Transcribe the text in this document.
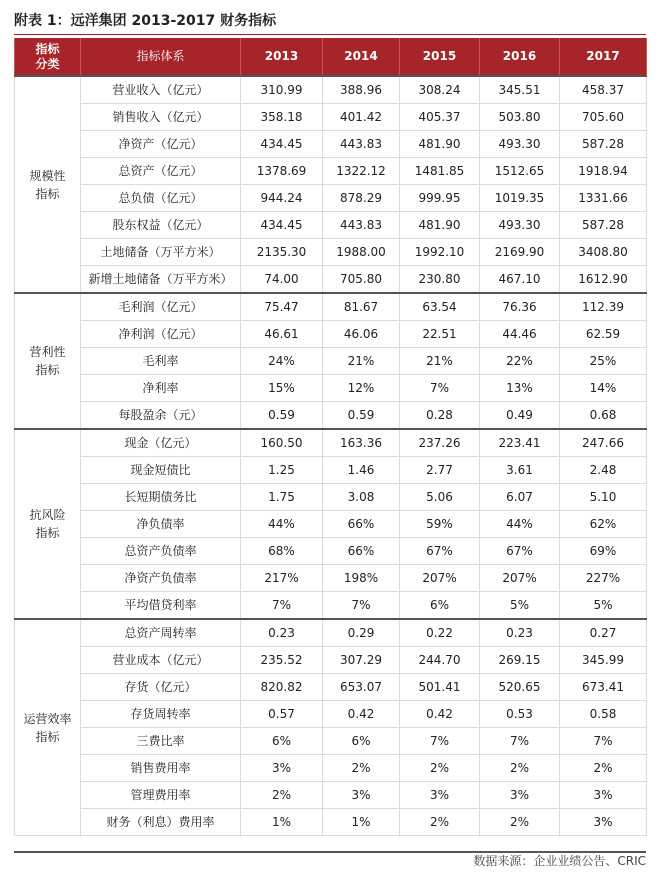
附表 1：远洋集团 2013-2017 财务指标
指标
分类	指标体系	2013	2014	2015	2016	2017

规模性
指标	营业收入（亿元）	310.99	388.96	308.24	345.51	458.37
	销售收入（亿元）	358.18	401.42	405.37	503.80	705.60
	净资产（亿元）	434.45	443.83	481.90	493.30	587.28
	总资产（亿元）	1378.69	1322.12	1481.85	1512.65	1918.94
	总负债（亿元）	944.24	878.29	999.95	1019.35	1331.66
	股东权益（亿元）	434.45	443.83	481.90	493.30	587.28
	土地储备（万平方米）	2135.30	1988.00	1992.10	2169.90	3408.80
	新增土地储备（万平方米）	74.00	705.80	230.80	467.10	1612.90

营利性
指标	毛利润（亿元）	75.47	81.67	63.54	76.36	112.39
	净利润（亿元）	46.61	46.06	22.51	44.46	62.59
	毛利率	24%	21%	21%	22%	25%
	净利率	15%	12%	7%	13%	14%
	每股盈余（元）	0.59	0.59	0.28	0.49	0.68

抗风险
指标	现金（亿元）	160.50	163.36	237.26	223.41	247.66
	现金短债比	1.25	1.46	2.77	3.61	2.48
	长短期债务比	1.75	3.08	5.06	6.07	5.10
	净负债率	44%	66%	59%	44%	62%
	总资产负债率	68%	66%	67%	67%	69%
	净资产负债率	217%	198%	207%	207%	227%
	平均借贷利率	7%	7%	6%	5%	5%

运营效率
指标	总资产周转率	0.23	0.29	0.22	0.23	0.27
	营业成本（亿元）	235.52	307.29	244.70	269.15	345.99
	存货（亿元）	820.82	653.07	501.41	520.65	673.41
	存货周转率	0.57	0.42	0.42	0.53	0.58
	三费比率	6%	6%	7%	7%	7%
	销售费用率	3%	2%	2%	2%	2%
	管理费用率	2%	3%	3%	3%	3%
	财务（利息）费用率	1%	1%	2%	2%	3%
数据来源：企业业绩公告、CRIC
